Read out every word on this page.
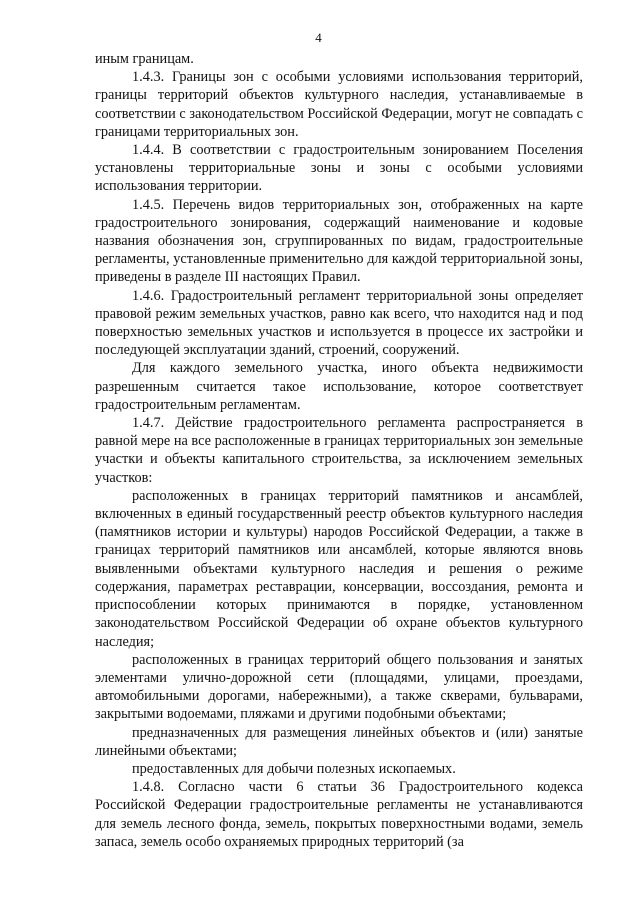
4

иным границам.

1.4.3. Границы зон с особыми условиями использования территорий, границы территорий объектов культурного наследия, устанавливаемые в соответствии с законодательством Российской Федерации, могут не совпадать с границами территориальных зон.

1.4.4. В соответствии с градостроительным зонированием Поселения установлены территориальные зоны и зоны с особыми условиями использования территории.

1.4.5. Перечень видов территориальных зон, отображенных на карте градостроительного зонирования, содержащий наименование и кодовые названия обозначения зон, сгруппированных по видам, градостроительные регламенты, установленные применительно для каждой территориальной зоны, приведены в разделе III настоящих Правил.

1.4.6. Градостроительный регламент территориальной зоны определяет правовой режим земельных участков, равно как всего, что находится над и под поверхностью земельных участков и используется в процессе их застройки и последующей эксплуатации зданий, строений, сооружений.

Для каждого земельного участка, иного объекта недвижимости разрешенным считается такое использование, которое соответствует градостроительным регламентам.

1.4.7. Действие градостроительного регламента распространяется в равной мере на все расположенные в границах территориальных зон земельные участки и объекты капитального строительства, за исключением земельных участков:

расположенных в границах территорий памятников и ансамблей, включенных в единый государственный реестр объектов культурного наследия (памятников истории и культуры) народов Российской Федерации, а также в границах территорий памятников или ансамблей, которые являются вновь выявленными объектами культурного наследия и решения о режиме содержания, параметрах реставрации, консервации, воссоздания, ремонта и приспособлении которых принимаются в порядке, установленном законодательством Российской Федерации об охране объектов культурного наследия;

расположенных в границах территорий общего пользования и занятых элементами улично-дорожной сети (площадями, улицами, проездами, автомобильными дорогами, набережными), а также скверами, бульварами, закрытыми водоемами, пляжами и другими подобными объектами;

предназначенных для размещения линейных объектов и (или) занятые линейными объектами;

предоставленных для добычи полезных ископаемых.

1.4.8. Согласно части 6 статьи 36 Градостроительного кодекса Российской Федерации градостроительные регламенты не устанавливаются для земель лесного фонда, земель, покрытых поверхностными водами, земель запаса, земель особо охраняемых природных территорий (за
